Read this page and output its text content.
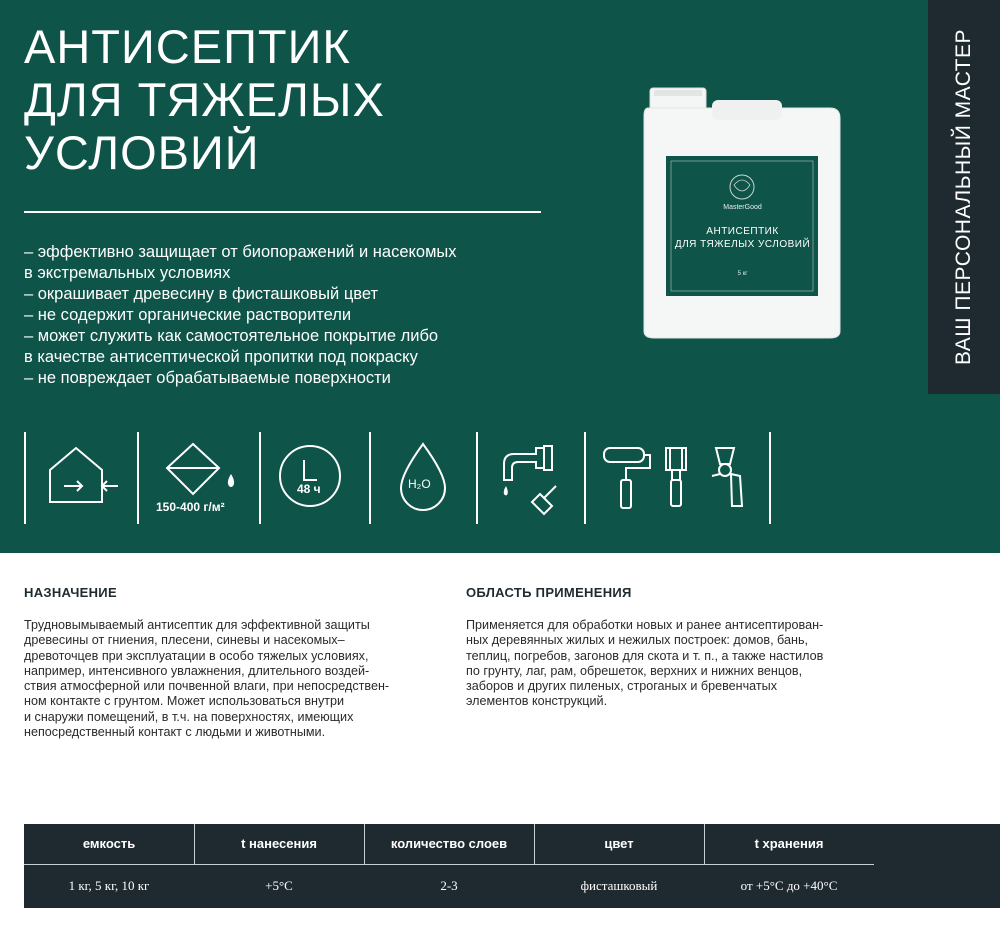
ВАШ ПЕРСОНАЛЬНЫЙ МАСТЕР
АНТИСЕПТИК
ДЛЯ ТЯЖЕЛЫХ
УСЛОВИЙ
– эффективно защищает от биопоражений и насекомых
в экстремальных условиях
– окрашивает древесину в фисташковый цвет
– не содержит органические растворители
– может служить как самостоятельное покрытие либо
в качестве антисептической пропитки под покраску
– не повреждает обрабатываемые поверхности
MasterGood
АНТИСЕПТИК
ДЛЯ ТЯЖЕЛЫХ УСЛОВИЙ
5 кг
150-400 г/м²
48 ч	H₂O
НАЗНАЧЕНИЕ
Трудновымываемый антисептик для эффективной защиты
древесины от гниения, плесени, синевы и насекомых–
древоточцев при эксплуатации в особо тяжелых условиях,
например, интенсивного увлажнения, длительного воздей-
ствия атмосферной или почвенной влаги, при непосредствен-
ном контакте с грунтом. Может использоваться внутри
и снаружи помещений, в т.ч. на поверхностях, имеющих
непосредственный контакт с людьми и животными.
ОБЛАСТЬ ПРИМЕНЕНИЯ
Применяется для обработки новых и ранее антисептирован-
ных деревянных жилых и нежилых построек: домов, бань,
теплиц, погребов, загонов для скота и т. п., а также настилов
по грунту, лаг, рам, обрешеток, верхних и нижних венцов,
заборов и других пиленых, строганых и бревенчатых
элементов конструкций.
емкость	t нанесения	количество слоев	цвет	t хранения
1 кг, 5 кг, 10 кг	+5°C	2-3	фисташковый	от +5°C до +40°C
